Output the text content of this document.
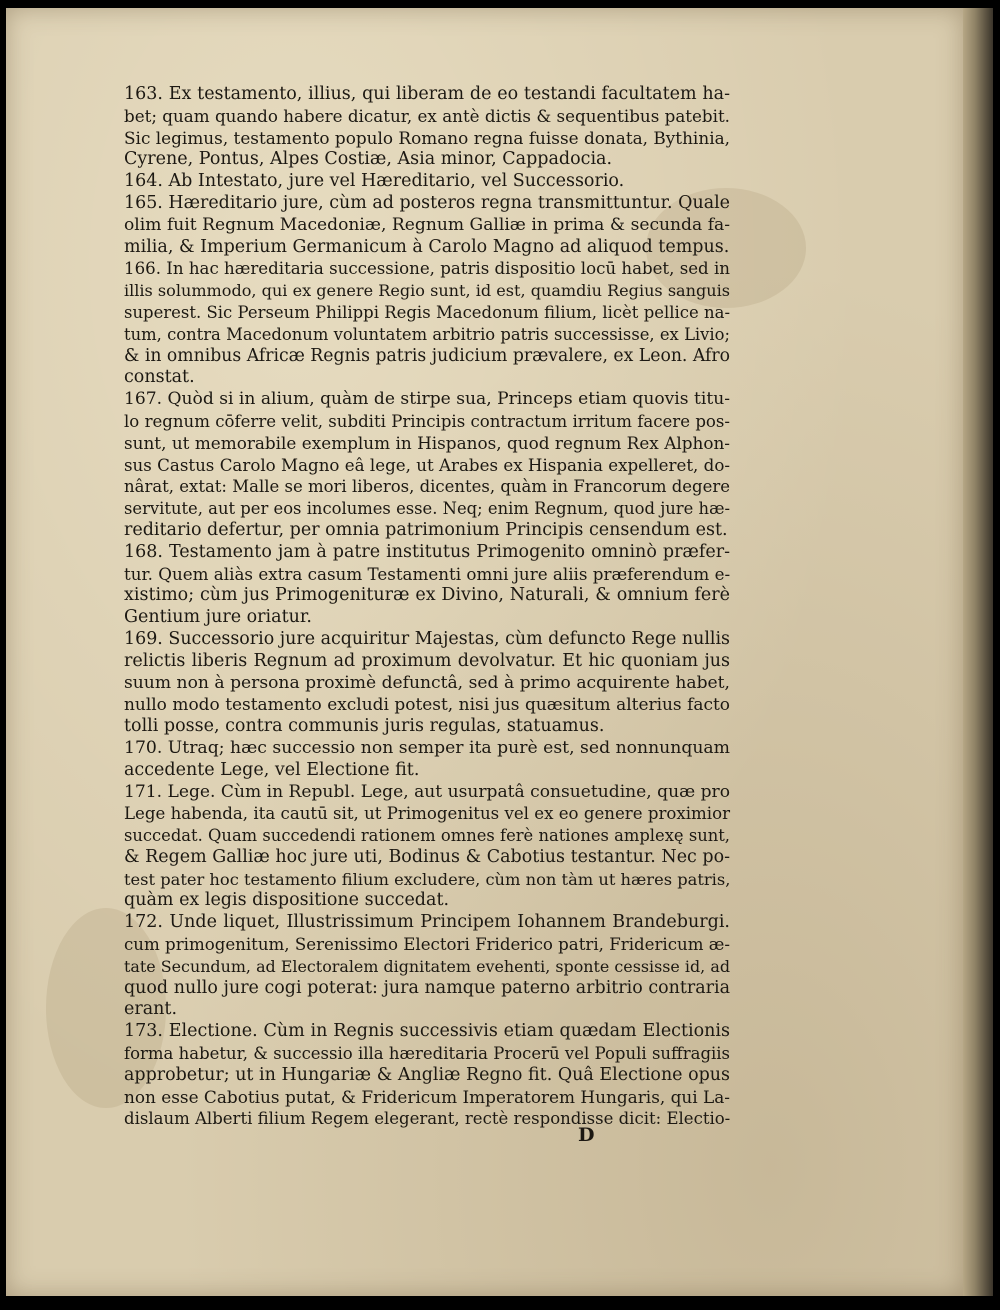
163. Ex testamento, illius, qui liberam de eo testandi facultatem ha-
bet; quam quando habere dicatur, ex antè dictis & sequentibus patebit.
Sic legimus, testamento populo Romano regna fuisse donata, Bythinia,
Cyrene, Pontus, Alpes Costiæ, Asia minor, Cappadocia.
164. Ab Intestato, jure vel Hæreditario, vel Successorio.
165. Hæreditario jure, cùm ad posteros regna transmittuntur. Quale
olim fuit Regnum Macedoniæ, Regnum Galliæ in prima & secunda fa-
milia, & Imperium Germanicum à Carolo Magno ad aliquod tempus.
166. In hac hæreditaria successione, patris dispositio locū habet, sed in
illis solummodo, qui ex genere Regio sunt, id est, quamdiu Regius sanguis
superest. Sic Perseum Philippi Regis Macedonum filium, licèt pellice na-
tum, contra Macedonum voluntatem arbitrio patris successisse, ex Livio;
& in omnibus Africæ Regnis patris judicium prævalere, ex Leon. Afro
constat.
167. Quòd si in alium, quàm de stirpe sua, Princeps etiam quovis titu-
lo regnum cōferre velit, subditi Principis contractum irritum facere pos-
sunt, ut memorabile exemplum in Hispanos, quod regnum Rex Alphon-
sus Castus Carolo Magno eâ lege, ut Arabes ex Hispania expelleret, do-
nârat, extat: Malle se mori liberos, dicentes, quàm in Francorum degere
servitute, aut per eos incolumes esse. Neq; enim Regnum, quod jure hæ-
reditario defertur, per omnia patrimonium Principis censendum est.
168. Testamento jam à patre institutus Primogenito omninò præfer-
tur. Quem aliàs extra casum Testamenti omni jure aliis præferendum e-
xistimo; cùm jus Primogenituræ ex Divino, Naturali, & omnium ferè
Gentium jure oriatur.
169. Successorio jure acquiritur Majestas, cùm defuncto Rege nullis
relictis liberis Regnum ad proximum devolvatur. Et hic quoniam jus
suum non à persona proximè defunctâ, sed à primo acquirente habet,
nullo modo testamento excludi potest, nisi jus quæsitum alterius facto
tolli posse, contra communis juris regulas, statuamus.
170. Utraq; hæc successio non semper ita purè est, sed nonnunquam
accedente Lege, vel Electione fit.
171. Lege. Cùm in Republ. Lege, aut usurpatâ consuetudine, quæ pro
Lege habenda, ita cautū sit, ut Primogenitus vel ex eo genere proximior
succedat. Quam succedendi rationem omnes ferè nationes amplexę sunt,
& Regem Galliæ hoc jure uti, Bodinus & Cabotius testantur. Nec po-
test pater hoc testamento filium excludere, cùm non tàm ut hæres patris,
quàm ex legis dispositione succedat.
172. Unde liquet, Illustrissimum Principem Iohannem Brandeburgi.
cum primogenitum, Serenissimo Electori Friderico patri, Fridericum æ-
tate Secundum, ad Electoralem dignitatem evehenti, sponte cessisse id, ad
quod nullo jure cogi poterat: jura namque paterno arbitrio contraria
erant.
173. Electione. Cùm in Regnis successivis etiam quædam Electionis
forma habetur, & successio illa hæreditaria Procerū vel Populi suffragiis
approbetur; ut in Hungariæ & Angliæ Regno fit. Quâ Electione opus
non esse Cabotius putat, & Fridericum Imperatorem Hungaris, qui La-
dislaum Alberti filium Regem elegerant, rectè respondisse dicit: Electio-
D
